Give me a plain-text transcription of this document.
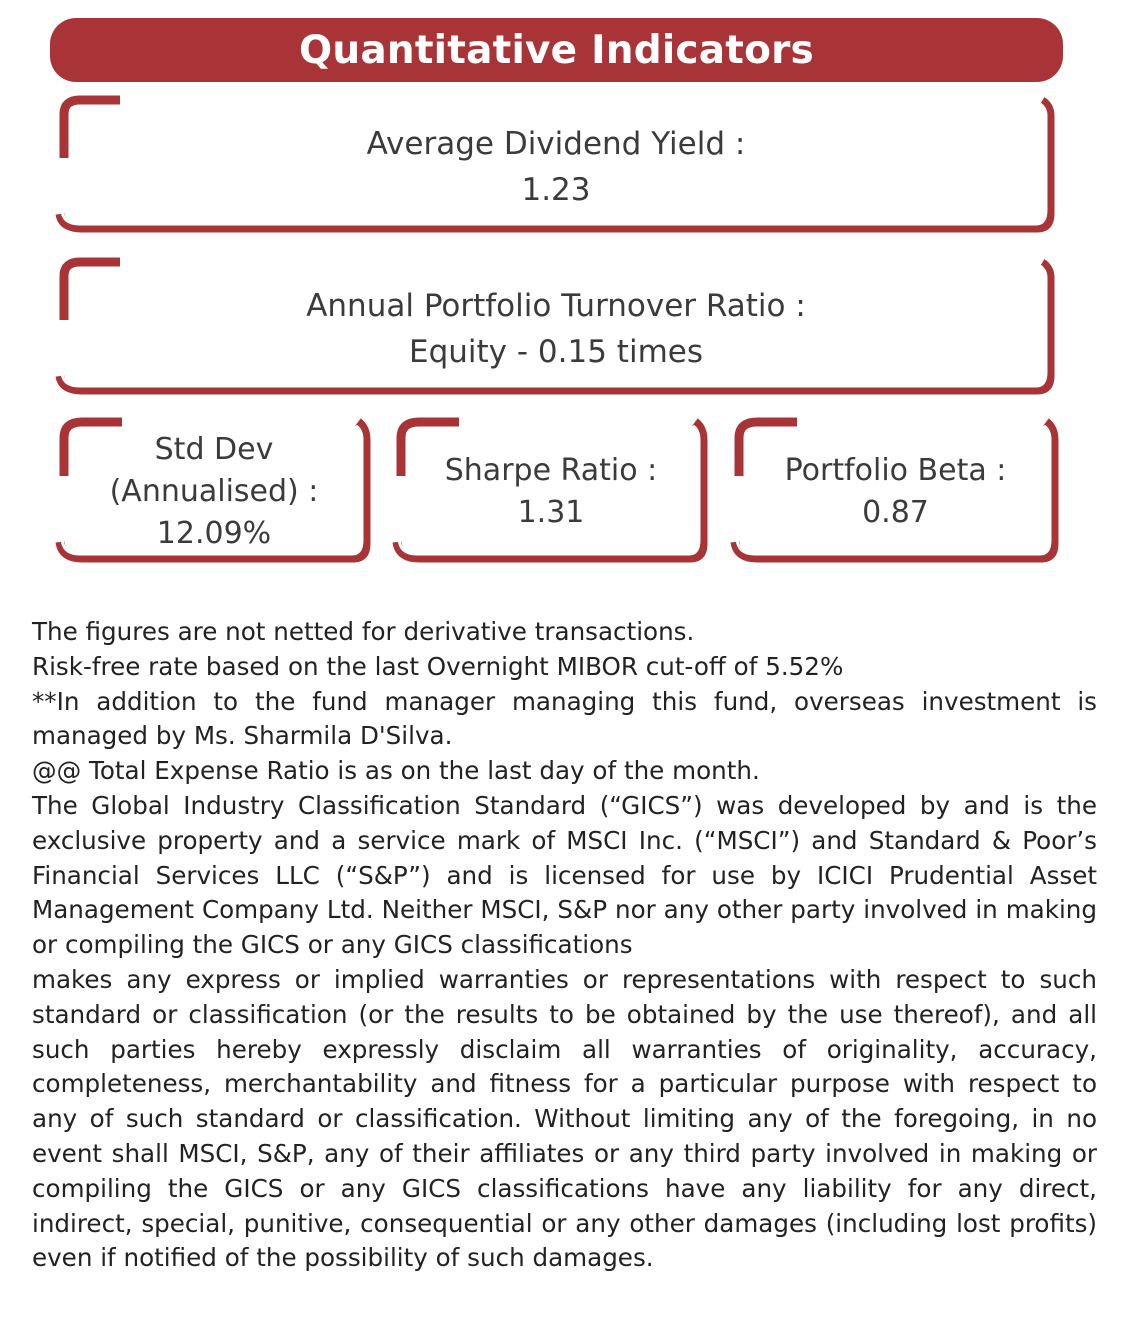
Quantitative Indicators
Average Dividend Yield :
1.23
Annual Portfolio Turnover Ratio :
Equity - 0.15 times
Std Dev
(Annualised) :
12.09%
Sharpe Ratio :
1.31
Portfolio Beta :
0.87

The figures are not netted for derivative transactions.

Risk-free rate based on the last Overnight MIBOR cut-off of 5.52%

**In addition to the fund manager managing this fund, overseas investment is managed by Ms. Sharmila D'Silva.

@@ Total Expense Ratio is as on the last day of the month.

The Global Industry Classification Standard (“GICS”) was developed by and is the exclusive property and a service mark of MSCI Inc. (“MSCI”) and Standard & Poor’s Financial Services LLC (“S&P”) and is licensed for use by ICICI Prudential Asset Management Company Ltd. Neither MSCI, S&P nor any other party involved in making or compiling the GICS or any GICS classifications

makes any express or implied warranties or representations with respect to such standard or classification (or the results to be obtained by the use thereof), and all such parties hereby expressly disclaim all warranties of originality, accuracy, completeness, merchantability and fitness for a particular purpose with respect to any of such standard or classification. Without limiting any of the foregoing, in no event shall MSCI, S&P, any of their affiliates or any third party involved in making or compiling the GICS or any GICS classifications have any liability for any direct, indirect, special, punitive, consequential or any other damages (including lost profits) even if notified of the possibility of such damages.
